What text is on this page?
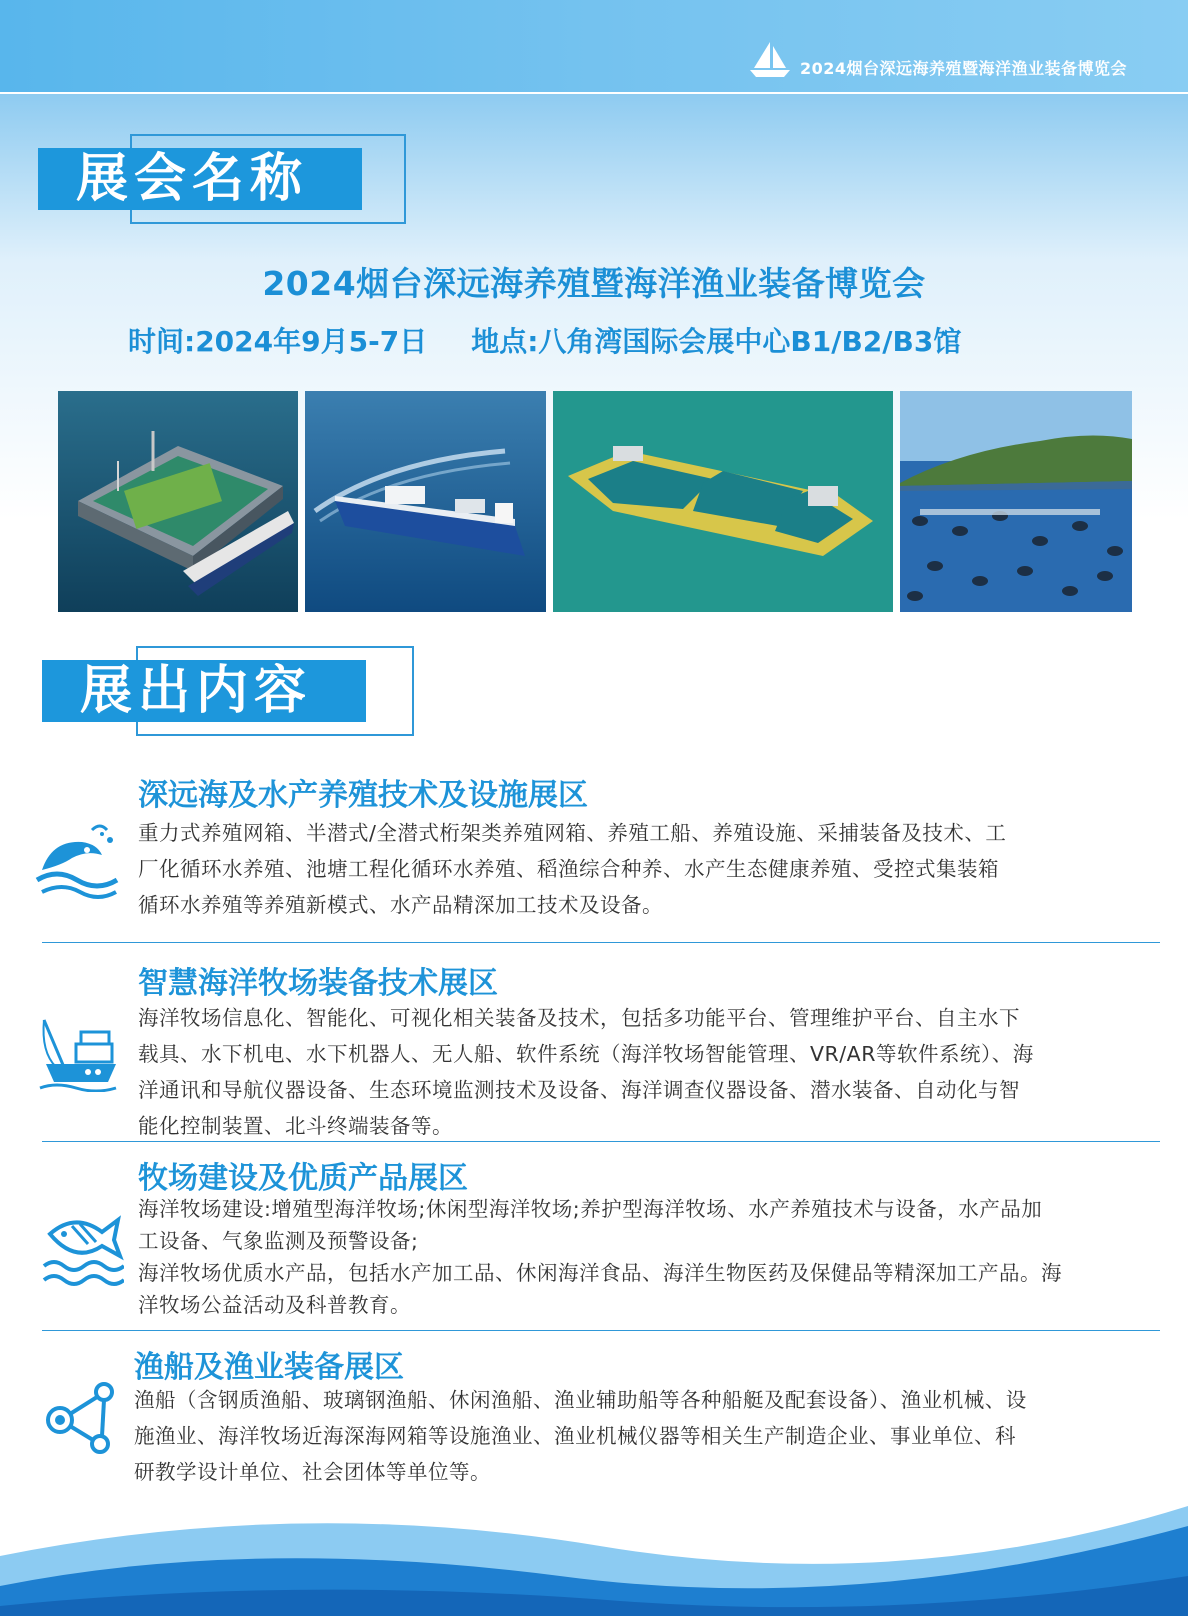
2024烟台深远海养殖暨海洋渔业装备博览会
展会名称
2024烟台深远海养殖暨海洋渔业装备博览会
时间:2024年9月5-7日 地点:八角湾国际会展中心B1/B2/B3馆
展出内容
深远海及水产养殖技术及设施展区

重力式养殖网箱、半潜式/全潜式桁架类养殖网箱、养殖工船、养殖设施、采捕装备及技术、工

厂化循环水养殖、池塘工程化循环水养殖、稻渔综合种养、水产生态健康养殖、受控式集装箱

循环水养殖等养殖新模式、水产品精深加工技术及设备。

智慧海洋牧场装备技术展区

海洋牧场信息化、智能化、可视化相关装备及技术，包括多功能平台、管理维护平台、自主水下

载具、水下机电、水下机器人、无人船、软件系统（海洋牧场智能管理、VR/AR等软件系统）、海

洋通讯和导航仪器设备、生态环境监测技术及设备、海洋调查仪器设备、潜水装备、自动化与智

能化控制装置、北斗终端装备等。

牧场建设及优质产品展区

海洋牧场建设:增殖型海洋牧场;休闲型海洋牧场;养护型海洋牧场、水产养殖技术与设备，水产品加

工设备、气象监测及预警设备;

海洋牧场优质水产品，包括水产加工品、休闲海洋食品、海洋生物医药及保健品等精深加工产品。海

洋牧场公益活动及科普教育。

渔船及渔业装备展区

渔船（含钢质渔船、玻璃钢渔船、休闲渔船、渔业辅助船等各种船艇及配套设备）、渔业机械、设

施渔业、海洋牧场近海深海网箱等设施渔业、渔业机械仪器等相关生产制造企业、事业单位、科

研教学设计单位、社会团体等单位等。
